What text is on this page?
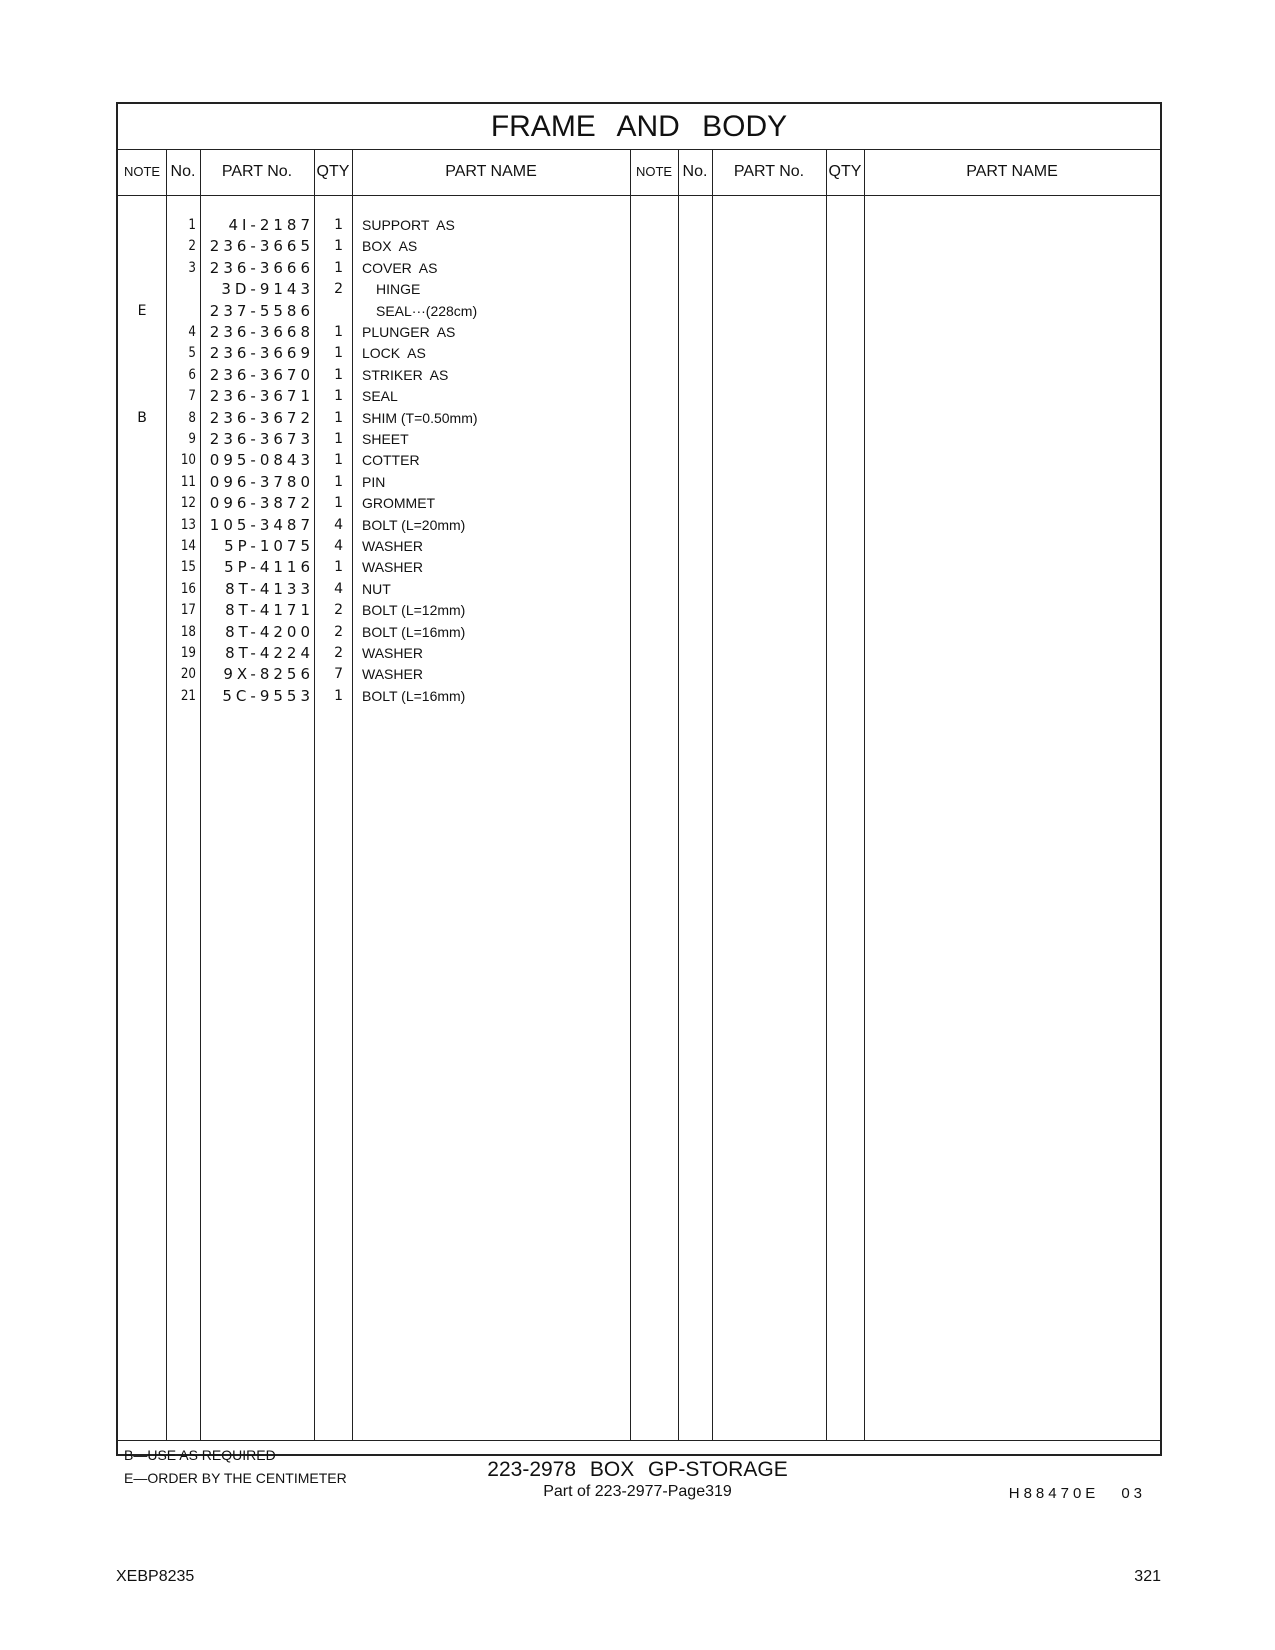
FRAME AND BODY
NOTE No.	PART No.	QTY	PART NAME	NOTE No.	PART No.	QTY	PART NAME
1	4I-2187	1 SUPPORT  AS
2 236-3665	1 BOX  AS
3 236-3666	1 COVER  AS
3D-9143	2 HINGE
E	237-5586	SEAL···(228cm)
4 236-3668	1 PLUNGER  AS
5 236-3669	1 LOCK  AS
6 236-3670	1 STRIKER  AS
7 236-3671	1 SEAL
B	8 236-3672	1 SHIM (T=0.50mm)
9 236-3673	1 SHEET
10 095-0843	1 COTTER
11 096-3780	1 PIN
12 096-3872	1 GROMMET
13 105-3487	4 BOLT (L=20mm)
14	5P-1075	4 WASHER
15	5P-4116	1 WASHER
16	8T-4133	4 NUT
17	8T-4171	2 BOLT (L=12mm)
18	8T-4200	2 BOLT (L=16mm)
19	8T-4224	2 WASHER
20	9X-8256	7 WASHER
21	5C-9553	1 BOLT (L=16mm)
B—USE AS REQUIRED
E—ORDER BY THE CENTIMETER
H88470E 03
223-2978 BOX GP-STORAGE
Part of 223-2977-Page319
XEBP8235	321
